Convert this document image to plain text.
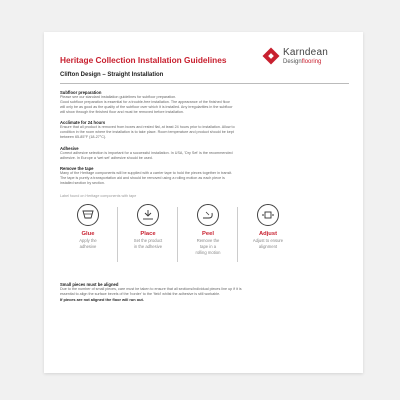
Heritage Collection Installation Guidelines
Karndean
Designflooring
Clifton Design – Straight Installation
Subfloor preparation
Please see our standard installation guidelines for subfloor preparation.
Good subfloor preparation is essential for a trouble-free installation. The appearance of the finished floor
will only be as good as the quality of the subfloor over which it is installed. Any irregularities in the subfloor
will show through the finished floor and must be removed before installation.
Acclimate for 24 hours
Ensure that all product is removed from boxes and rested flat, at least 24 hours prior to installation. Allow to
condition in the room where the installation is to take place. Room temperature and product should be kept
between 65-85°F (18-27°C).
Adhesive
Correct adhesive selection is important for a successful installation. In USA, 'Dry Set' is the recommended
adhesive. In Europe a 'wet set' adhesive should be used.
Remove the tape
Many of the Heritage components will be supplied with a carrier tape to hold the pieces together in transit.
The tape is purely a transportation aid and should be removed using a rolling motion as each piece is
installed section by section.
Label found on Heritage components with tape
Glue
Apply the
adhesive
Place
Set the product
in the adhesive
Peel
Remove the
tape in a
rolling motion
Adjust
Adjust to ensure
alignment
Small pieces must be aligned
Due to the number of small pieces, care must be taken to ensure that all sections/individual pieces line up if it is
essential to align the surface bevels of the 'border' to the 'field' whilst the adhesive is still workable.
If pieces are not aligned the floor will run out.
